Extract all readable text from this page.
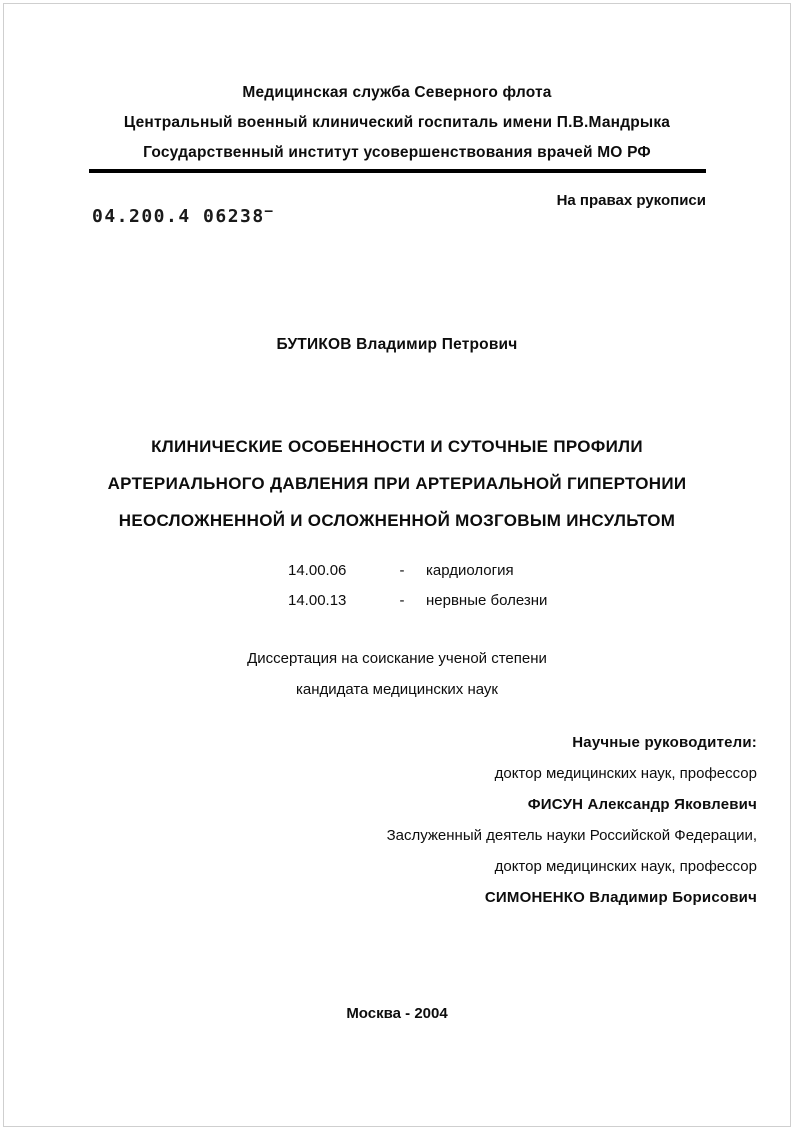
Медицинская служба Северного флота
Центральный военный клинический госпиталь имени П.В.Мандрыка
Государственный институт усовершенствования врачей МО РФ
На правах рукописи
04.200.4 06238–
БУТИКОВ Владимир Петрович
КЛИНИЧЕСКИЕ ОСОБЕННОСТИ И СУТОЧНЫЕ ПРОФИЛИ
АРТЕРИАЛЬНОГО ДАВЛЕНИЯ ПРИ АРТЕРИАЛЬНОЙ ГИПЕРТОНИИ
НЕОСЛОЖНЕННОЙ И ОСЛОЖНЕННОЙ МОЗГОВЫМ ИНСУЛЬТОМ
14.00.06	-	кардиология
14.00.13	-	нервные болезни
Диссертация на соискание ученой степени
кандидата медицинских наук
Научные руководители:
доктор медицинских наук, профессор
ФИСУН Александр Яковлевич
Заслуженный деятель науки Российской Федерации,
доктор медицинских наук, профессор
СИМОНЕНКО Владимир Борисович
Москва - 2004
